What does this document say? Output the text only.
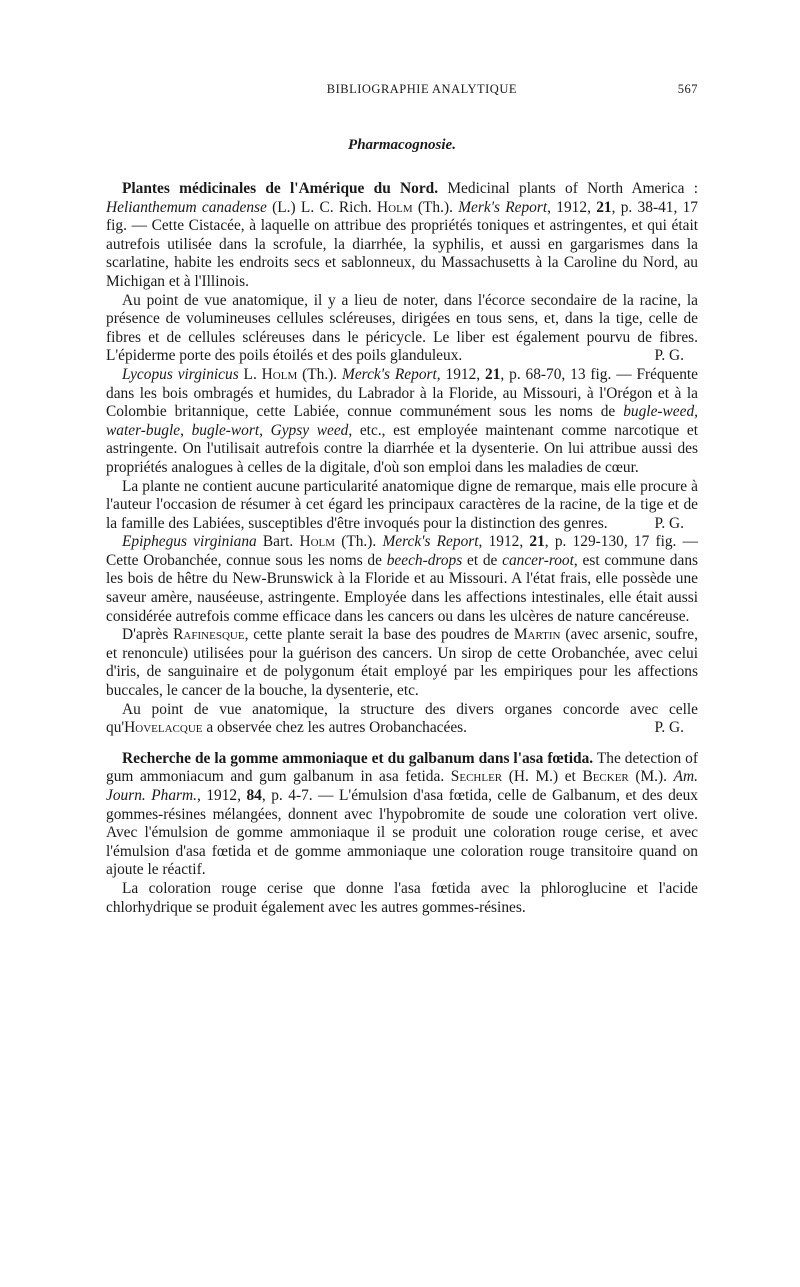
BIBLIOGRAPHIE ANALYTIQUE	567
Pharmacognosie.

Plantes médicinales de l'Amérique du Nord. Medicinal plants of North America : Helianthemum canadense (L.) L. C. Rich. Holm (Th.). Merk's Report, 1912, 21, p. 38-41, 17 fig. — Cette Cistacée, à laquelle on attribue des propriétés toniques et astringentes, et qui était autrefois utilisée dans la scrofule, la diarrhée, la syphilis, et aussi en gargarismes dans la scarlatine, habite les endroits secs et sablonneux, du Massachusetts à la Caroline du Nord, au Michigan et à l'Illinois.

Au point de vue anatomique, il y a lieu de noter, dans l'écorce secondaire de la racine, la présence de volumineuses cellules scléreuses, dirigées en tous sens, et, dans la tige, celle de fibres et de cellules scléreuses dans le péricycle. Le liber est également pourvu de fibres. L'épiderme porte des poils étoilés et des poils glanduleux.	P. G.

Lycopus virginicus L. Holm (Th.). Merck's Report, 1912, 21, p. 68-70, 13 fig. — Fréquente dans les bois ombragés et humides, du Labrador à la Floride, au Missouri, à l'Orégon et à la Colombie britannique, cette Labiée, connue communément sous les noms de bugle-weed, water-bugle, bugle-wort, Gypsy weed, etc., est employée maintenant comme narcotique et astringente. On l'utilisait autrefois contre la diarrhée et la dysenterie. On lui attribue aussi des propriétés analogues à celles de la digitale, d'où son emploi dans les maladies de cœur.

La plante ne contient aucune particularité anatomique digne de remarque, mais elle procure à l'auteur l'occasion de résumer à cet égard les principaux caractères de la racine, de la tige et de la famille des Labiées, susceptibles d'être invoqués pour la distinction des genres.	P. G.

Epiphegus virginiana Bart. Holm (Th.). Merck's Report, 1912, 21, p. 129-130, 17 fig. — Cette Orobanchée, connue sous les noms de beech-drops et de cancer-root, est commune dans les bois de hêtre du New-Brunswick à la Floride et au Missouri. A l'état frais, elle possède une saveur amère, nauséeuse, astringente. Employée dans les affections intestinales, elle était aussi considérée autrefois comme efficace dans les cancers ou dans les ulcères de nature cancéreuse.

D'après Rafinesque, cette plante serait la base des poudres de Martin (avec arsenic, soufre, et renoncule) utilisées pour la guérison des cancers. Un sirop de cette Orobanchée, avec celui d'iris, de sanguinaire et de polygonum était employé par les empiriques pour les affections buccales, le cancer de la bouche, la dysenterie, etc.

Au point de vue anatomique, la structure des divers organes concorde avec celle qu'Hovelacque a observée chez les autres Orobanchacées.	P. G.

Recherche de la gomme ammoniaque et du galbanum dans l'asa fœtida. The detection of gum ammoniacum and gum galbanum in asa fetida. Sechler (H. M.) et Becker (M.). Am. Journ. Pharm., 1912, 84, p. 4-7. — L'émulsion d'asa fœtida, celle de Galbanum, et des deux gommes-résines mélangées, donnent avec l'hypobromite de soude une coloration vert olive. Avec l'émulsion de gomme ammoniaque il se produit une coloration rouge cerise, et avec l'émulsion d'asa fœtida et de gomme ammoniaque une coloration rouge transitoire quand on ajoute le réactif.

La coloration rouge cerise que donne l'asa fœtida avec la phloroglucine et l'acide chlorhydrique se produit également avec les autres gommes-résines.
